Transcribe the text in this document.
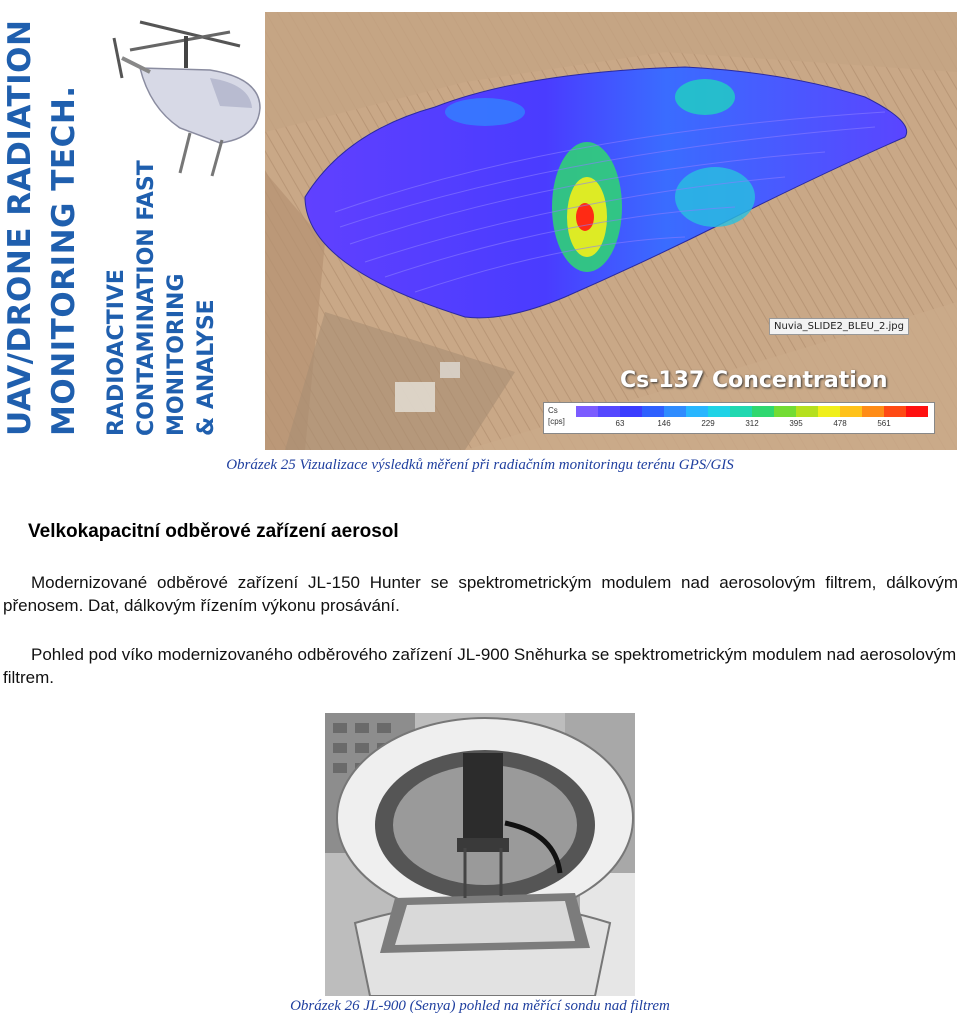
UAV/DRONE RADIATION MONITORING TECH. RADIOACTIVE CONTAMINATION FAST MONITORING & ANALYSE	Nuvia_SLIDE2_BLEU_2.jpg
Cs-137 Concentration
Cs
[cps]	63	146	229	312	395	478	561
Obrázek 25 Vizualizace výsledků měření při radiačním monitoringu terénu GPS/GIS
Velkokapacitní odběrové zařízení aerosol
Modernizované odběrové zařízení JL-150 Hunter se spektrometrickým modulem nad aerosolovým filtrem, dálkovým přenosem. Dat, dálkovým řízením výkonu prosávání.
Pohled pod víko modernizovaného odběrového zařízení JL-900 Sněhurka se spektrometrickým modulem nad aerosolovým filtrem.
Obrázek 26 JL-900 (Senya) pohled na měřící sondu nad filtrem
